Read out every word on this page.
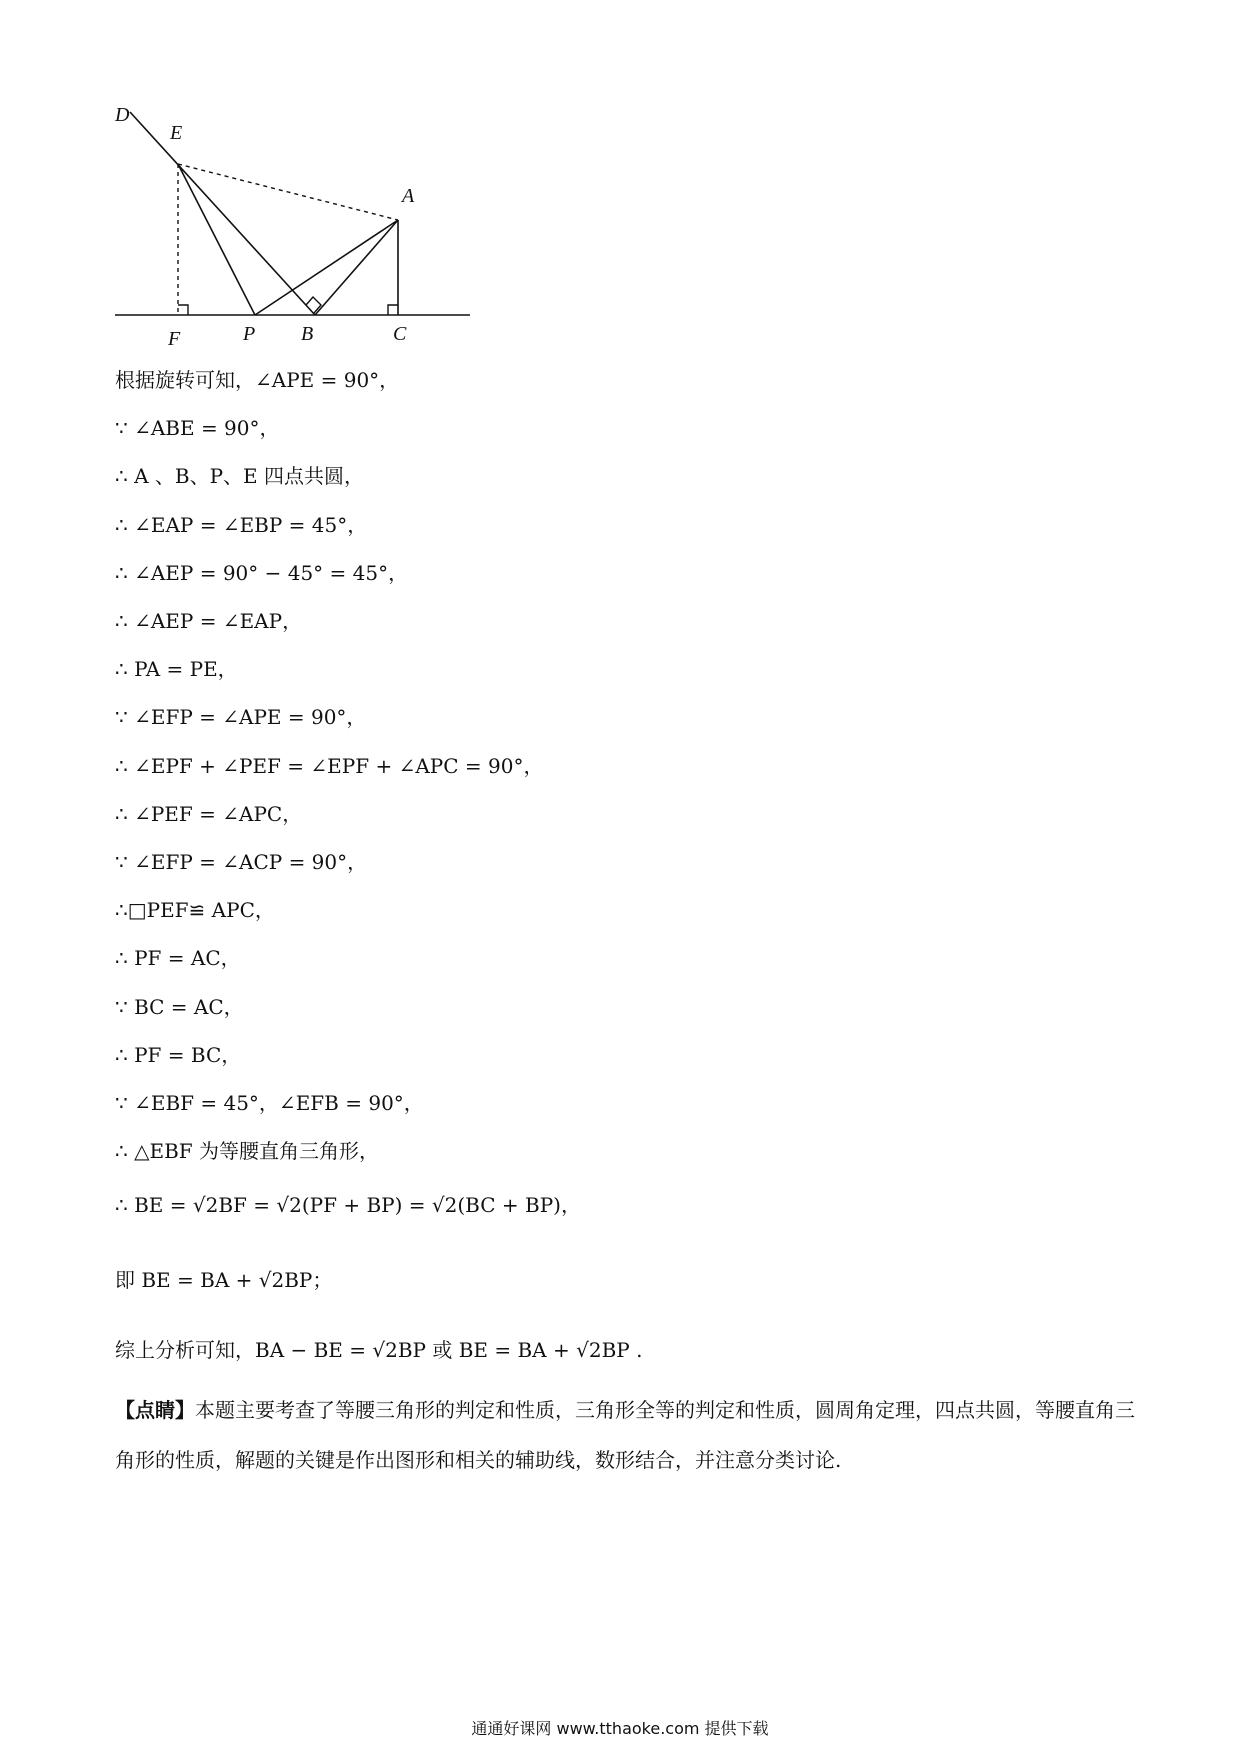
D
E
A
F	P B	C
根据旋转可知，∠APE = 90°，
∵ ∠ABE = 90°，
∴ A 、B、P、E 四点共圆，
∴ ∠EAP = ∠EBP = 45°，
∴ ∠AEP = 90° − 45° = 45°，
∴ ∠AEP = ∠EAP，
∴ PA = PE，
∵ ∠EFP = ∠APE = 90°，
∴ ∠EPF + ∠PEF = ∠EPF + ∠APC = 90°，
∴ ∠PEF = ∠APC，
∵ ∠EFP = ∠ACP = 90°，
∴□PEF≌ APC，
∴ PF = AC，
∵ BC = AC，
∴ PF = BC，
∵ ∠EBF = 45°，∠EFB = 90°，
∴ △EBF 为等腰直角三角形，
∴ BE = √2BF = √2(PF + BP) = √2(BC + BP)，
即 BE = BA + √2BP；
综上分析可知，BA − BE = √2BP 或 BE = BA + √2BP .
【点睛】本题主要考查了等腰三角形的判定和性质，三角形全等的判定和性质，圆周角定理，四点共圆，等腰直角三角形的性质，解题的关键是作出图形和相关的辅助线，数形结合，并注意分类讨论.
通通好课网 www.tthaoke.com 提供下载
